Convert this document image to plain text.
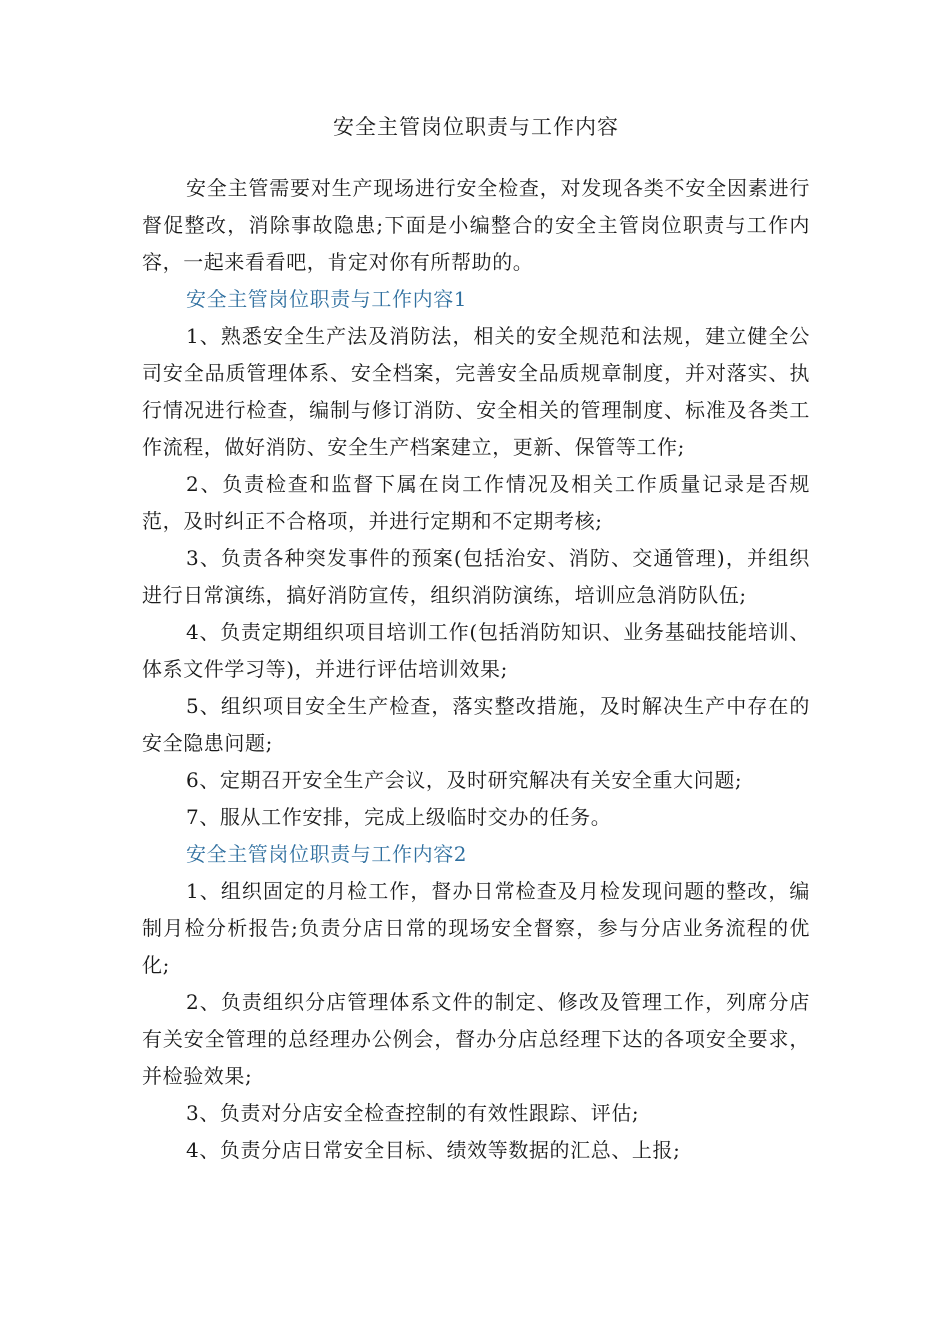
安全主管岗位职责与工作内容

安全主管需要对生产现场进行安全检查，对发现各类不安全因素进行督促整改，消除事故隐患;下面是小编整合的安全主管岗位职责与工作内容，一起来看看吧，肯定对你有所帮助的。

安全主管岗位职责与工作内容1

1、熟悉安全生产法及消防法，相关的安全规范和法规，建立健全公司安全品质管理体系、安全档案，完善安全品质规章制度，并对落实、执行情况进行检查，编制与修订消防、安全相关的管理制度、标准及各类工作流程，做好消防、安全生产档案建立，更新、保管等工作;

2、负责检查和监督下属在岗工作情况及相关工作质量记录是否规范，及时纠正不合格项，并进行定期和不定期考核;

3、负责各种突发事件的预案(包括治安、消防、交通管理)，并组织进行日常演练，搞好消防宣传，组织消防演练，培训应急消防队伍;

4、负责定期组织项目培训工作(包括消防知识、业务基础技能培训、体系文件学习等)，并进行评估培训效果;

5、组织项目安全生产检查，落实整改措施，及时解决生产中存在的安全隐患问题;

6、定期召开安全生产会议，及时研究解决有关安全重大问题;

7、服从工作安排，完成上级临时交办的任务。

安全主管岗位职责与工作内容2

1、组织固定的月检工作，督办日常检查及月检发现问题的整改，编制月检分析报告;负责分店日常的现场安全督察，参与分店业务流程的优化;

2、负责组织分店管理体系文件的制定、修改及管理工作，列席分店有关安全管理的总经理办公例会，督办分店总经理下达的各项安全要求，并检验效果;

3、负责对分店安全检查控制的有效性跟踪、评估;

4、负责分店日常安全目标、绩效等数据的汇总、上报;
